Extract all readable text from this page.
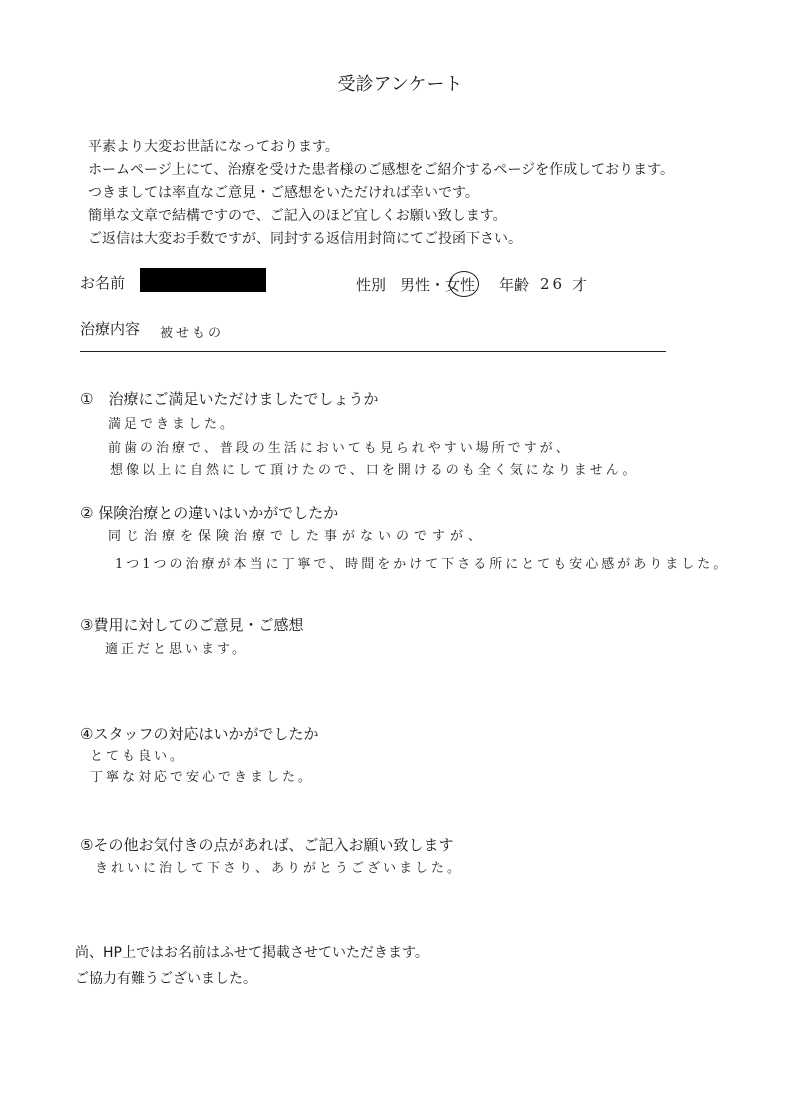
受診アンケート
平素より大変お世話になっております。
ホームページ上にて、治療を受けた患者様のご感想をご紹介するページを作成しております。
つきましては率直なご意見・ご感想をいただければ幸いです。
簡単な文章で結構ですので、ご記入のほど宜しくお願い致します。
ご返信は大変お手数ですが、同封する返信用封筒にてご投函下さい。
お名前	性別 男性・女性 年齢 26 才
治療内容 被せもの
①　治療にご満足いただけましたでしょうか
満足できました。
前歯の治療で、普段の生活においても見られやすい場所ですが、
想像以上に自然にして頂けたので、口を開けるのも全く気になりません。
② 保険治療との違いはいかがでしたか
同じ治療を保険治療でした事がないのですが、
1つ1つの治療が本当に丁寧で、時間をかけて下さる所にとても安心感がありました。
③費用に対してのご意見・ご感想
適正だと思います。
④スタッフの対応はいかがでしたか
とても良い。
丁寧な対応で安心できました。
⑤その他お気付きの点があれば、ご記入お願い致します
きれいに治して下さり、ありがとうございました。
尚、HP上ではお名前はふせて掲載させていただきます。
ご協力有難うございました。
